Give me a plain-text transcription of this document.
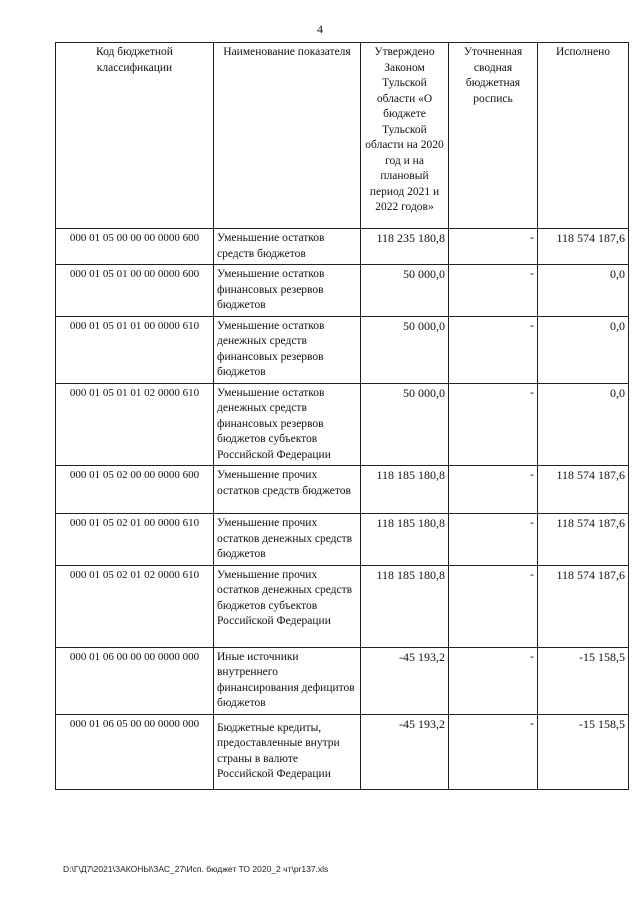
4
Код бюджетной классификации	Наименование показателя	Утверждено Законом Тульской области «О бюджете Тульской области на 2020 год и на плановый период 2021 и 2022 годов»	Уточненная сводная бюджетная роспись	Исполнено
000 01 05 00 00 00 0000 600	Уменьшение остатков средств бюджетов	118 235 180,8	-	118 574 187,6
000 01 05 01 00 00 0000 600	Уменьшение остатков финансовых резервов бюджетов	50 000,0	-	0,0
000 01 05 01 01 00 0000 610	Уменьшение остатков денежных средств финансовых резервов бюджетов	50 000,0	-	0,0
000 01 05 01 01 02 0000 610	Уменьшение остатков денежных средств финансовых резервов бюджетов субъектов Российской Федерации	50 000,0	-	0,0
000 01 05 02 00 00 0000 600	Уменьшение прочих остатков средств бюджетов	118 185 180,8	-	118 574 187,6
000 01 05 02 01 00 0000 610	Уменьшение прочих остатков денежных средств бюджетов	118 185 180,8	-	118 574 187,6
000 01 05 02 01 02 0000 610	Уменьшение прочих остатков денежных средств бюджетов субъектов Российской Федерации	118 185 180,8	-	118 574 187,6
000 01 06 00 00 00 0000 000	Иные источники внутреннего финансирования дефицитов бюджетов	-45 193,2	-	-15 158,5
000 01 06 05 00 00 0000 000	Бюджетные кредиты, предоставленные внутри страны в валюте Российской Федерации	-45 193,2	-	-15 158,5
D:\Г\Д7\2021\ЗАКОНЫ\ЗАС_27\Исп. бюджет ТО 2020_2 чт\pr137.xls
